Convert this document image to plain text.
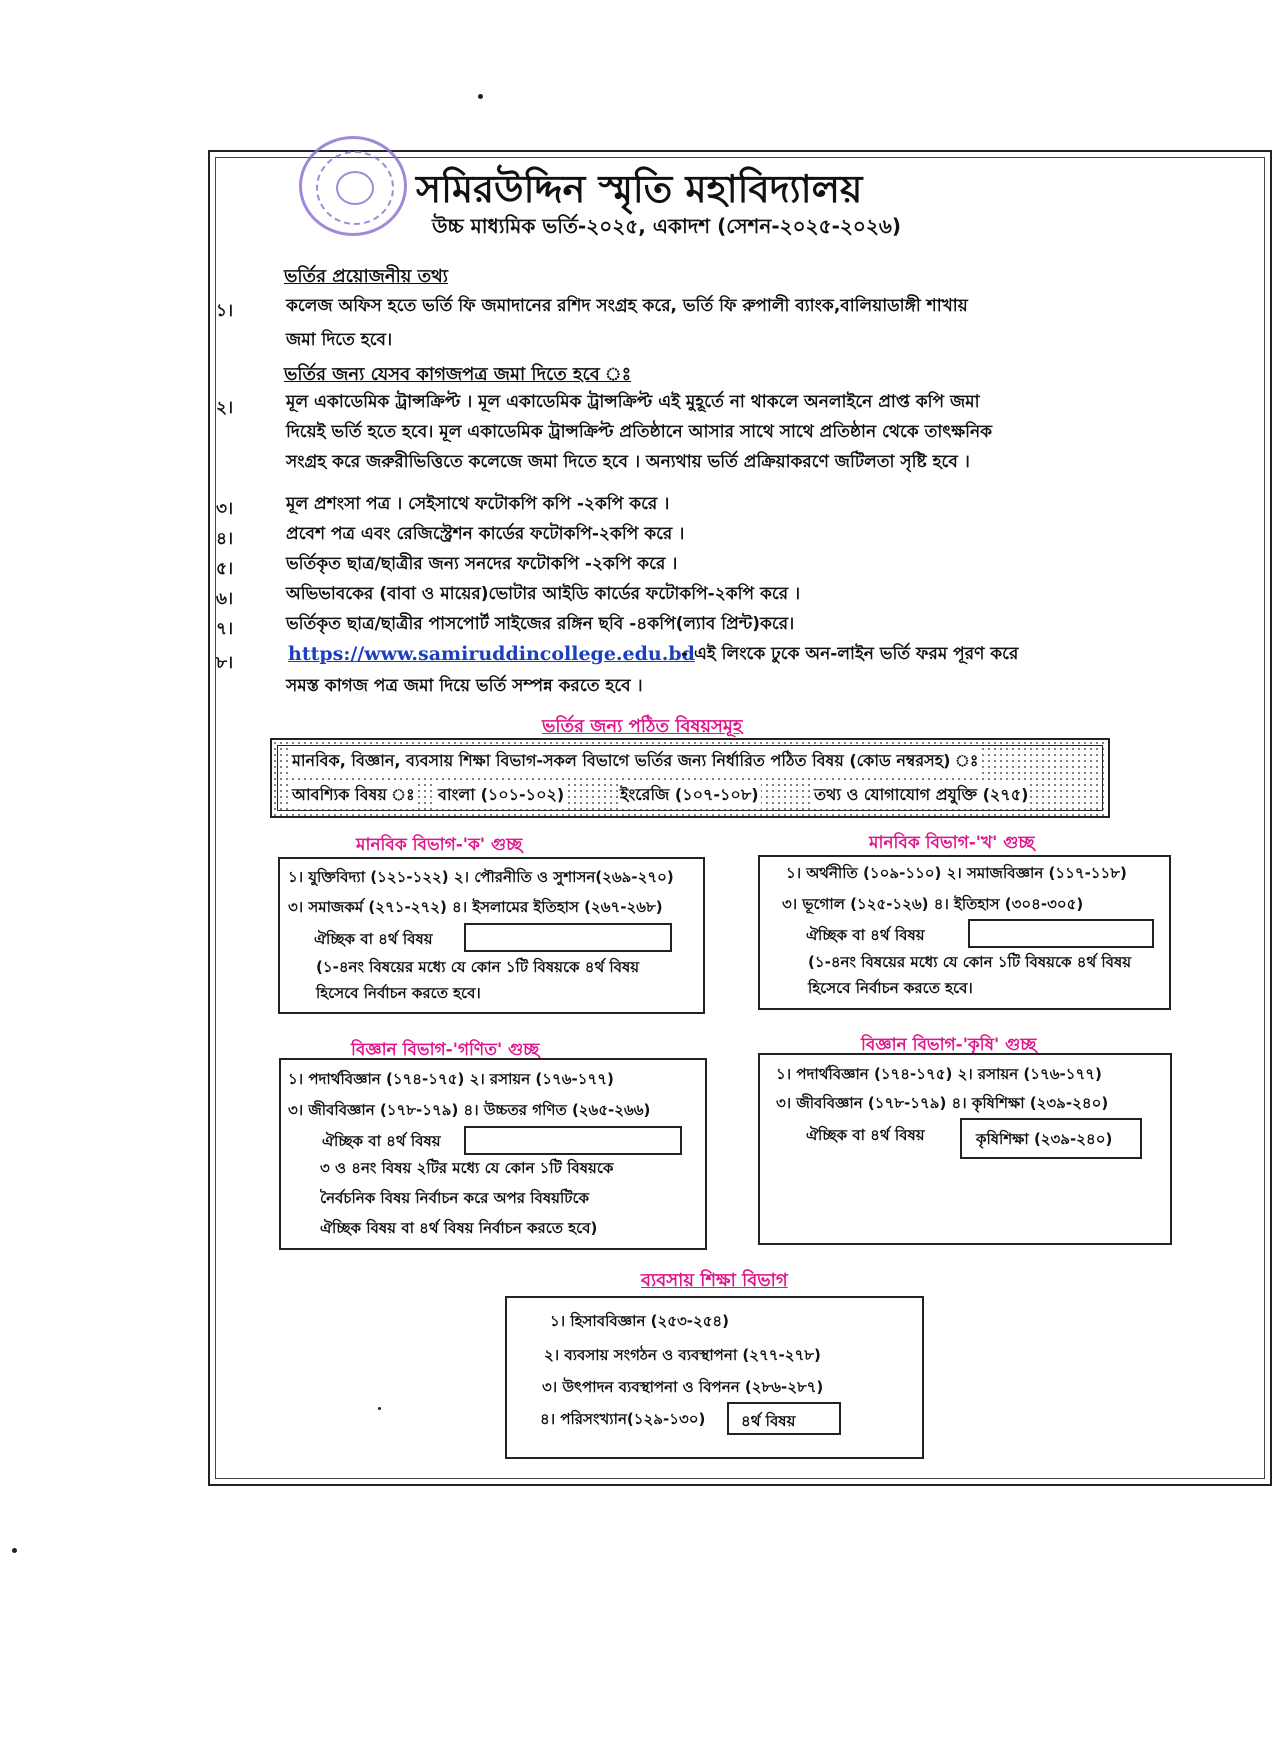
সমিরউদ্দিন স্মৃতি মহাবিদ্যালয়
উচ্চ মাধ্যমিক ভর্তি-২০২৫, একাদশ (সেশন-২০২৫-২০২৬)
ভর্তির প্রয়োজনীয় তথ্য
১।	কলেজ অফিস হতে ভর্তি ফি জমাদানের রশিদ সংগ্রহ করে, ভর্তি ফি রুপালী ব্যাংক,বালিয়াডাঙ্গী শাখায়
জমা দিতে হবে।
ভর্তির জন্য যেসব কাগজপত্র জমা দিতে হবে ঃ
২।	মূল একাডেমিক ট্রান্সক্রিপ্ট । মূল একাডেমিক ট্রান্সক্রিপ্ট এই মুহূর্তে না থাকলে অনলাইনে প্রাপ্ত কপি জমা
দিয়েই ভর্তি হতে হবে। মূল একাডেমিক ট্রান্সক্রিপ্ট প্রতিষ্ঠানে আসার সাথে সাথে প্রতিষ্ঠান থেকে তাৎক্ষনিক
সংগ্রহ করে জরুরীভিত্তিতে কলেজে জমা দিতে হবে । অন্যথায় ভর্তি প্রক্রিয়াকরণে জটিলতা সৃষ্টি হবে ।
৩।	মূল প্রশংসা পত্র । সেইসাথে ফটোকপি কপি -২কপি করে ।
৪।	প্রবেশ পত্র এবং রেজিস্ট্রেশন কার্ডের ফটোকপি-২কপি করে ।
৫।	ভর্তিকৃত ছাত্র/ছাত্রীর জন্য সনদের ফটোকপি -২কপি করে ।
৬।	অভিভাবকের (বাবা ও মায়ের)ভোটার আইডি কার্ডের ফটোকপি-২কপি করে ।
৭।	ভর্তিকৃত ছাত্র/ছাত্রীর পাসপোর্ট সাইজের রঙ্গিন ছবি -৪কপি(ল্যাব প্রিন্ট)করে।
৮।	https://www.samiruddincollege.edu.bd
- এই লিংকে ঢুকে অন-লাইন ভর্তি ফরম পূরণ করে
সমস্ত কাগজ পত্র জমা দিয়ে ভর্তি সম্পন্ন করতে হবে ।
ভর্তির জন্য পঠিত বিষয়সমূহ
মানবিক, বিজ্ঞান, ব্যবসায় শিক্ষা বিভাগ-সকল বিভাগে ভর্তির জন্য নির্ধারিত পঠিত বিষয় (কোড নম্বরসহ) ঃ
আবশ্যিক বিষয় ঃ বাংলা (১০১-১০২)	ইংরেজি (১০৭-১০৮)	তথ্য ও যোগাযোগ প্রযুক্তি (২৭৫)
মানবিক বিভাগ-'ক' গুচ্ছ
১। যুক্তিবিদ্যা (১২১-১২২) ২। পৌরনীতি ও সুশাসন(২৬৯-২৭০)
৩। সমাজকর্ম (২৭১-২৭২) ৪। ইসলামের ইতিহাস (২৬৭-২৬৮)
ঐচ্ছিক বা ৪র্থ বিষয়
(১-৪নং বিষয়ের মধ্যে যে কোন ১টি বিষয়কে ৪র্থ বিষয়
হিসেবে নির্বাচন করতে হবে।
মানবিক বিভাগ-'খ' গুচ্ছ
১। অর্থনীতি (১০৯-১১০) ২। সমাজবিজ্ঞান (১১৭-১১৮)
৩। ভূগোল (১২৫-১২৬) ৪। ইতিহাস (৩০৪-৩০৫)
ঐচ্ছিক বা ৪র্থ বিষয়
(১-৪নং বিষয়ের মধ্যে যে কোন ১টি বিষয়কে ৪র্থ বিষয়
হিসেবে নির্বাচন করতে হবে।
বিজ্ঞান বিভাগ-'গণিত' গুচ্ছ
১। পদার্থবিজ্ঞান (১৭৪-১৭৫) ২। রসায়ন (১৭৬-১৭৭)
৩। জীববিজ্ঞান (১৭৮-১৭৯) ৪। উচ্চতর গণিত (২৬৫-২৬৬)
ঐচ্ছিক বা ৪র্থ বিষয়
৩ ও ৪নং বিষয় ২টির মধ্যে যে কোন ১টি বিষয়কে
নৈর্বচনিক বিষয় নির্বাচন করে অপর বিষয়টিকে
ঐচ্ছিক বিষয় বা ৪র্থ বিষয় নির্বাচন করতে হবে)
বিজ্ঞান বিভাগ-'কৃষি' গুচ্ছ
১। পদার্থবিজ্ঞান (১৭৪-১৭৫) ২। রসায়ন (১৭৬-১৭৭)
৩। জীববিজ্ঞান (১৭৮-১৭৯) ৪। কৃষিশিক্ষা (২৩৯-২৪০)
ঐচ্ছিক বা ৪র্থ বিষয়	কৃষিশিক্ষা (২৩৯-২৪০)
ব্যবসায় শিক্ষা বিভাগ
১। হিসাববিজ্ঞান (২৫৩-২৫৪)
২। ব্যবসায় সংগঠন ও ব্যবস্থাপনা (২৭৭-২৭৮)
৩। উৎপাদন ব্যবস্থাপনা ও বিপনন (২৮৬-২৮৭)
৪। পরিসংখ্যান(১২৯-১৩০) ৪র্থ বিষয়
